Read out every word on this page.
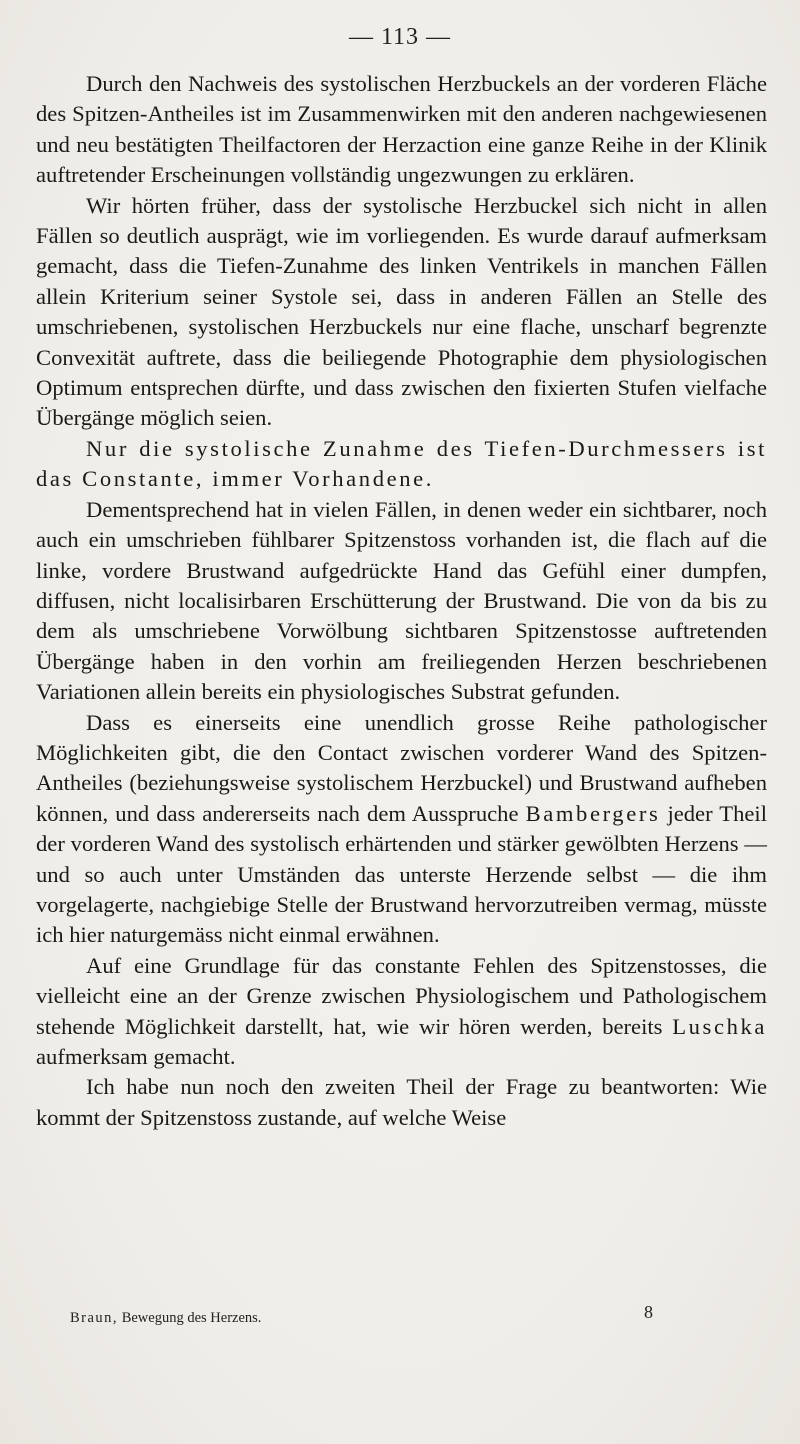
— 113 —

Durch den Nachweis des systolischen Herzbuckels an der vorderen Fläche des Spitzen-Antheiles ist im Zusammenwirken mit den anderen nachgewiesenen und neu bestätigten Theilfactoren der Herzaction eine ganze Reihe in der Klinik auftretender Erscheinungen vollständig ungezwungen zu erklären.

Wir hörten früher, dass der systolische Herzbuckel sich nicht in allen Fällen so deutlich ausprägt, wie im vorliegenden. Es wurde darauf aufmerksam gemacht, dass die Tiefen-Zunahme des linken Ventrikels in manchen Fällen allein Kriterium seiner Systole sei, dass in anderen Fällen an Stelle des umschriebenen, systolischen Herzbuckels nur eine flache, unscharf begrenzte Convexität auftrete, dass die beiliegende Photographie dem physiologischen Optimum entsprechen dürfte, und dass zwischen den fixierten Stufen vielfache Übergänge möglich seien.

Nur die systolische Zunahme des Tiefen-Durchmessers ist das Constante, immer Vorhandene.

Dementsprechend hat in vielen Fällen, in denen weder ein sichtbarer, noch auch ein umschrieben fühlbarer Spitzenstoss vorhanden ist, die flach auf die linke, vordere Brustwand aufgedrückte Hand das Gefühl einer dumpfen, diffusen, nicht localisirbaren Erschütterung der Brustwand. Die von da bis zu dem als umschriebene Vorwölbung sichtbaren Spitzenstosse auftretenden Übergänge haben in den vorhin am freiliegenden Herzen beschriebenen Variationen allein bereits ein physiologisches Substrat gefunden.

Dass es einerseits eine unendlich grosse Reihe pathologischer Möglichkeiten gibt, die den Contact zwischen vorderer Wand des Spitzen-Antheiles (beziehungsweise systolischem Herzbuckel) und Brustwand aufheben können, und dass andererseits nach dem Ausspruche Bambergers jeder Theil der vorderen Wand des systolisch erhärtenden und stärker gewölbten Herzens — und so auch unter Umständen das unterste Herzende selbst — die ihm vorgelagerte, nachgiebige Stelle der Brustwand hervorzutreiben vermag, müsste ich hier naturgemäss nicht einmal erwähnen.

Auf eine Grundlage für das constante Fehlen des Spitzenstosses, die vielleicht eine an der Grenze zwischen Physiologischem und Pathologischem stehende Möglichkeit darstellt, hat, wie wir hören werden, bereits Luschka aufmerksam gemacht.

Ich habe nun noch den zweiten Theil der Frage zu beantworten: Wie kommt der Spitzenstoss zustande, auf welche Weise

Braun, Bewegung des Herzens.	8
